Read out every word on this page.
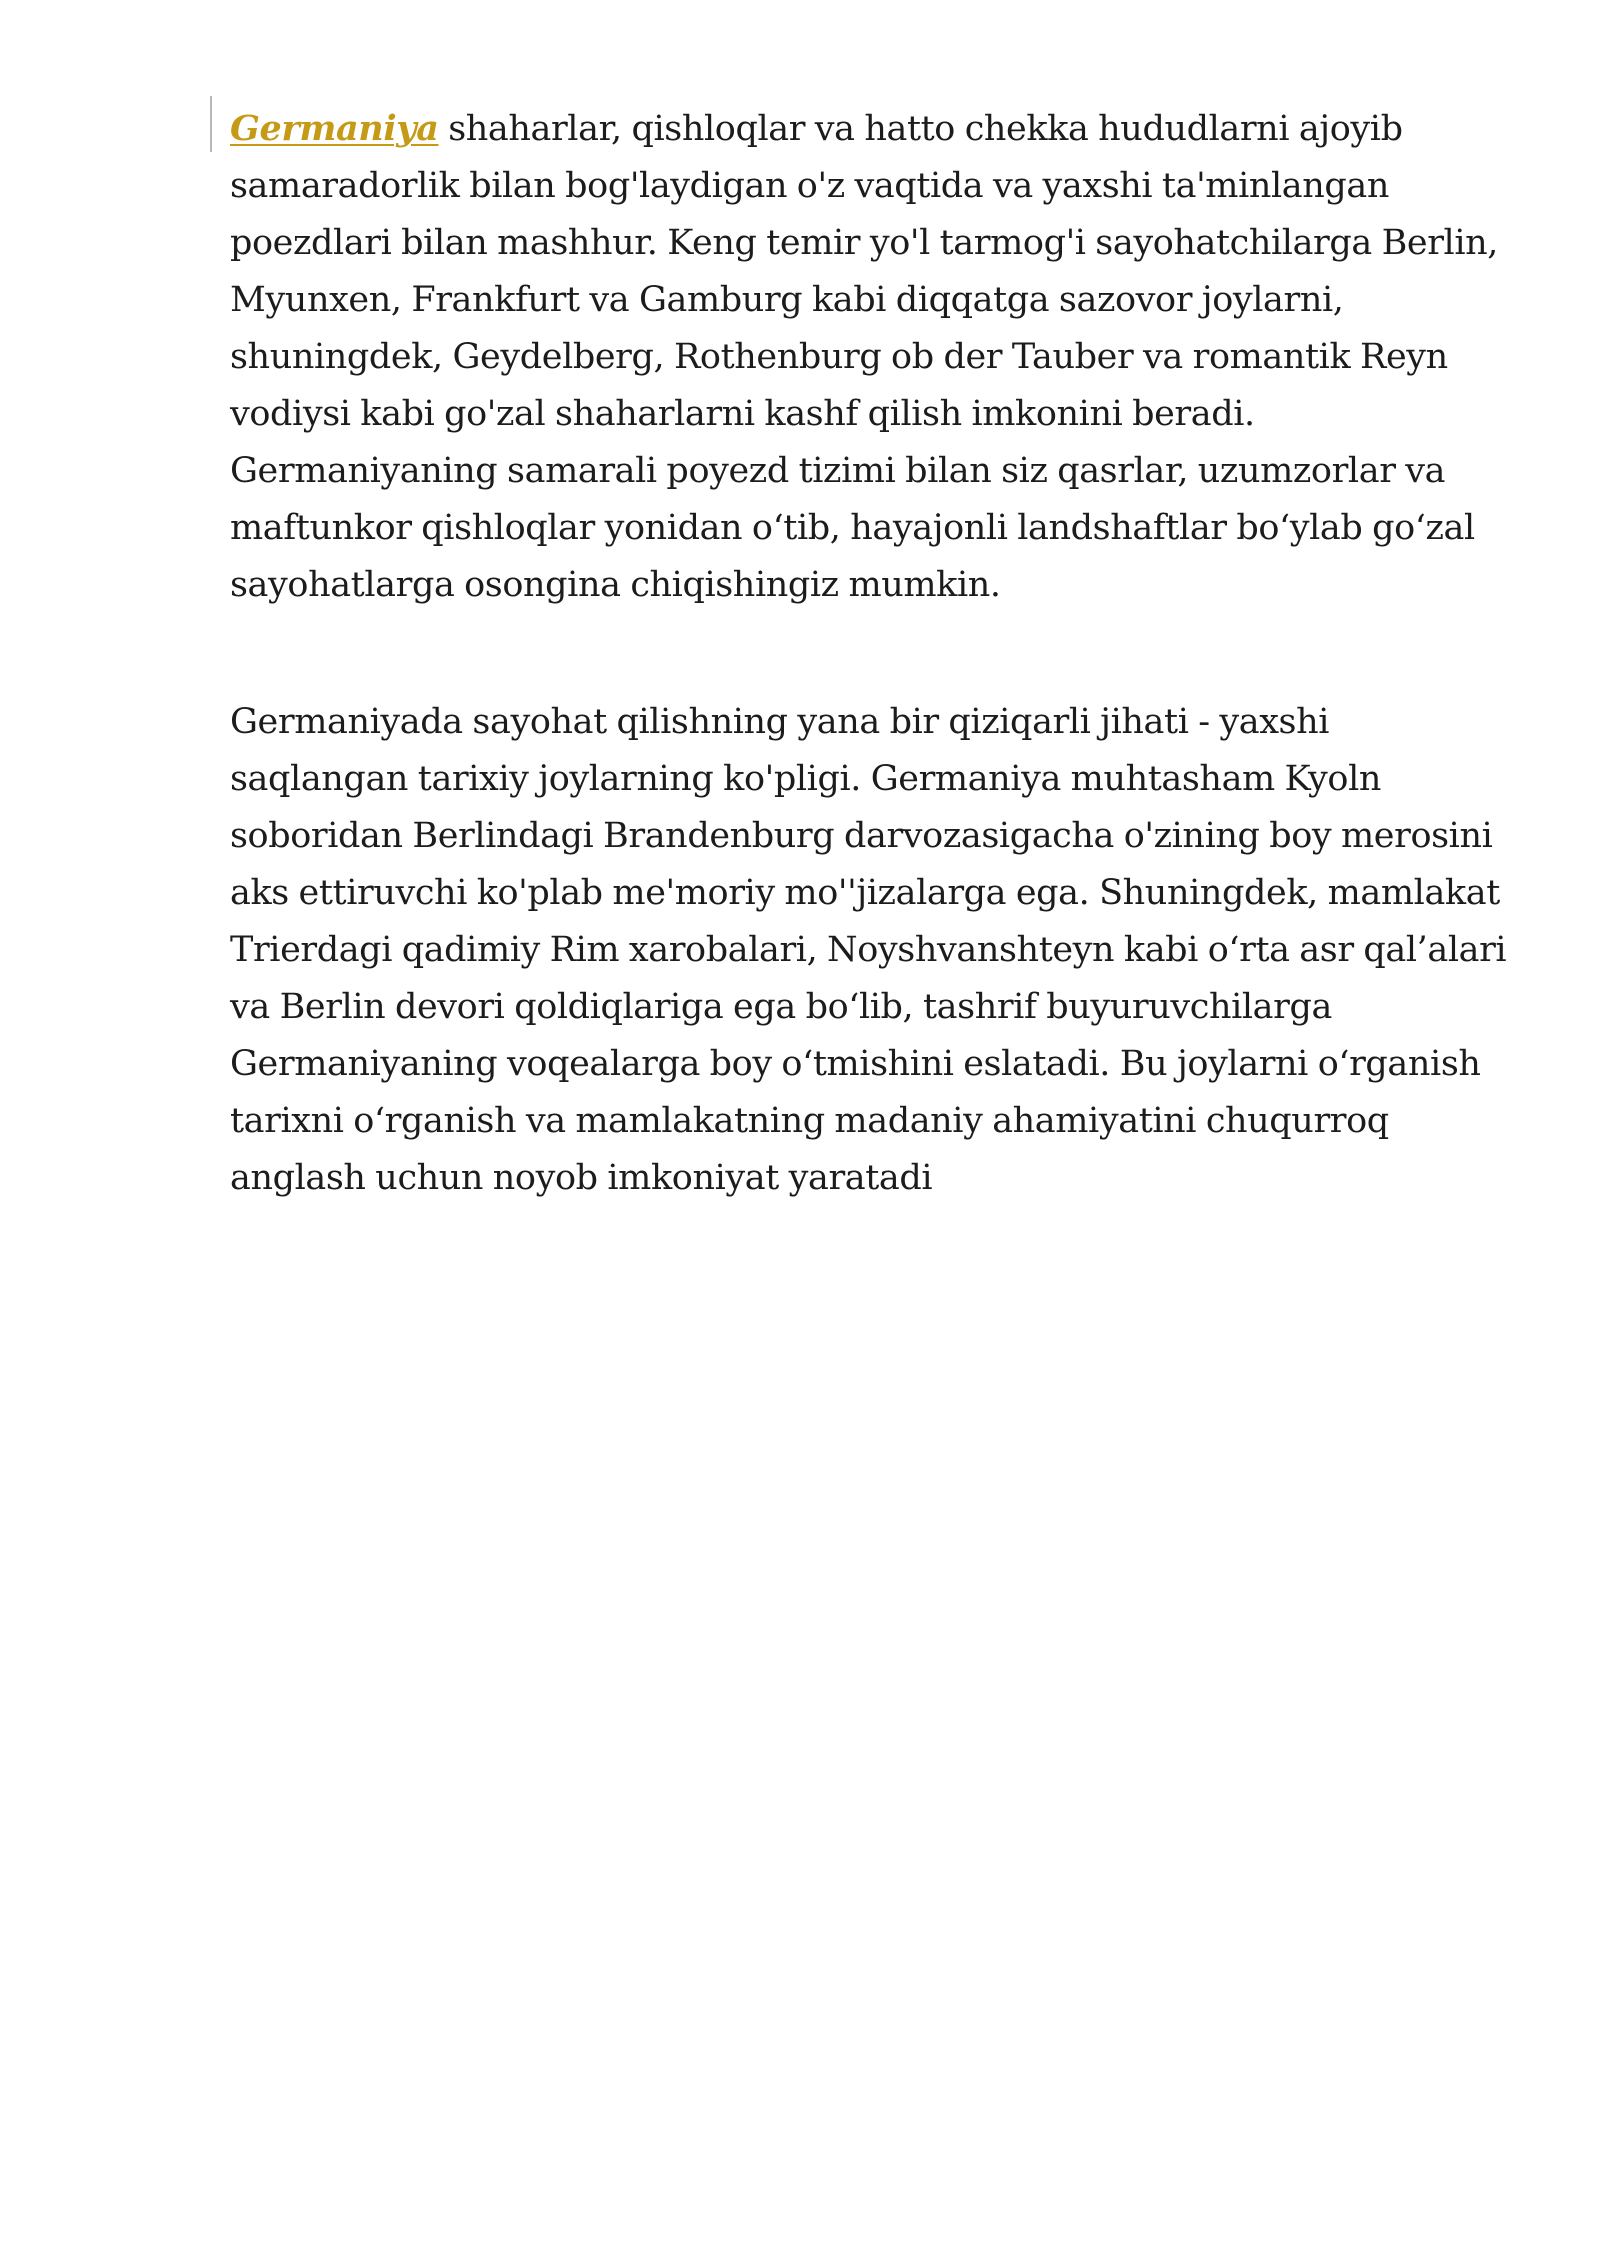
Germaniya shaharlar, qishloqlar va hatto chekka hududlarni ajoyib samaradorlik bilan bog'laydigan o'z vaqtida va yaxshi ta'minlangan poezdlari bilan mashhur. Keng temir yo'l tarmog'i sayohatchilarga Berlin, Myunxen, Frankfurt va Gamburg kabi diqqatga sazovor joylarni, shuningdek, Geydelberg, Rothenburg ob der Tauber va romantik Reyn vodiysi kabi go'zal shaharlarni kashf qilish imkonini beradi. Germaniyaning samarali poyezd tizimi bilan siz qasrlar, uzumzorlar va maftunkor qishloqlar yonidan o‘tib, hayajonli landshaftlar bo‘ylab go‘zal sayohatlarga osongina chiqishingiz mumkin.

Germaniyada sayohat qilishning yana bir qiziqarli jihati - yaxshi saqlangan tarixiy joylarning ko'pligi. Germaniya muhtasham Kyoln soboridan Berlindagi Brandenburg darvozasigacha o'zining boy merosini aks ettiruvchi ko'plab me'moriy mo''jizalarga ega. Shuningdek, mamlakat Trierdagi qadimiy Rim xarobalari, Noyshvanshteyn kabi o‘rta asr qal’alari va Berlin devori qoldiqlariga ega bo‘lib, tashrif buyuruvchilarga Germaniyaning voqealarga boy o‘tmishini eslatadi. Bu joylarni o‘rganish tarixni o‘rganish va mamlakatning madaniy ahamiyatini chuqurroq anglash uchun noyob imkoniyat yaratadi
